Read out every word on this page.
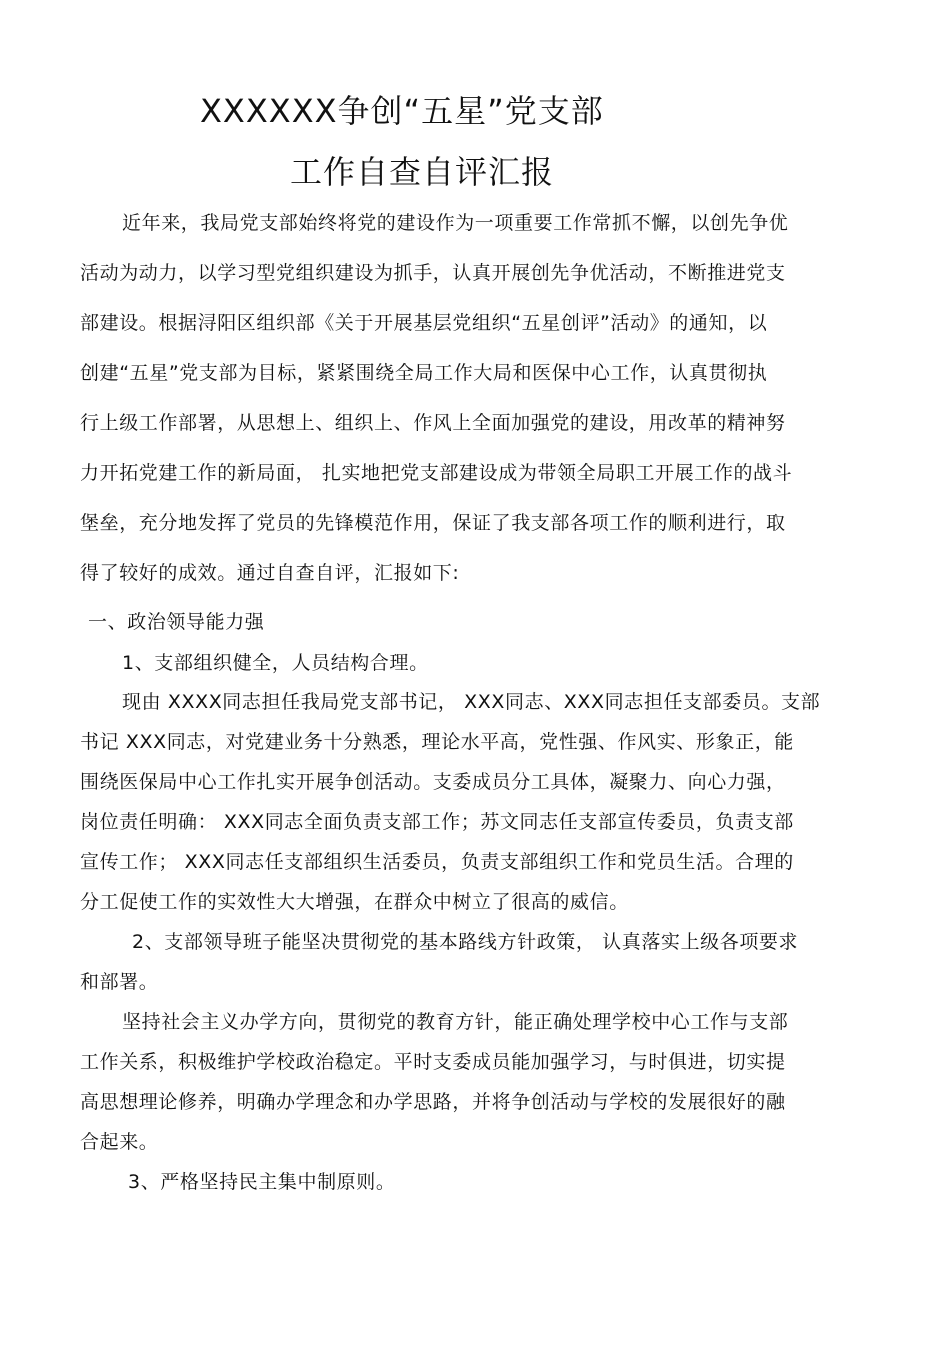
XXXXXX争创“五星”党支部
工作自查自评汇报
近年来，我局党支部始终将党的建设作为一项重要工作常抓不懈，以创先争优
活动为动力，以学习型党组织建设为抓手，认真开展创先争优活动，不断推进党支
部建设。根据浔阳区组织部《关于开展基层党组织“五星创评”活动》的通知，以
创建“五星”党支部为目标，紧紧围绕全局工作大局和医保中心工作，认真贯彻执
行上级工作部署，从思想上、组织上、作风上全面加强党的建设，用改革的精神努
力开拓党建工作的新局面， 扎实地把党支部建设成为带领全局职工开展工作的战斗
堡垒，充分地发挥了党员的先锋模范作用，保证了我支部各项工作的顺利进行，取
得了较好的成效。通过自查自评，汇报如下:
一、政治领导能力强
1、支部组织健全，人员结构合理。
现由 XXXX同志担任我局党支部书记， XXX同志、XXX同志担任支部委员。支部
书记 XXX同志，对党建业务十分熟悉，理论水平高，党性强、作风实、形象正，能
围绕医保局中心工作扎实开展争创活动。支委成员分工具体，凝聚力、向心力强，
岗位责任明确： XXX同志全面负责支部工作；苏文同志任支部宣传委员，负责支部
宣传工作； XXX同志任支部组织生活委员，负责支部组织工作和党员生活。合理的
分工促使工作的实效性大大增强，在群众中树立了很高的威信。
2、支部领导班子能坚决贯彻党的基本路线方针政策， 认真落实上级各项要求
和部署。
坚持社会主义办学方向，贯彻党的教育方针，能正确处理学校中心工作与支部
工作关系，积极维护学校政治稳定。平时支委成员能加强学习，与时俱进，切实提
高思想理论修养，明确办学理念和办学思路，并将争创活动与学校的发展很好的融
合起来。
3、严格坚持民主集中制原则。
